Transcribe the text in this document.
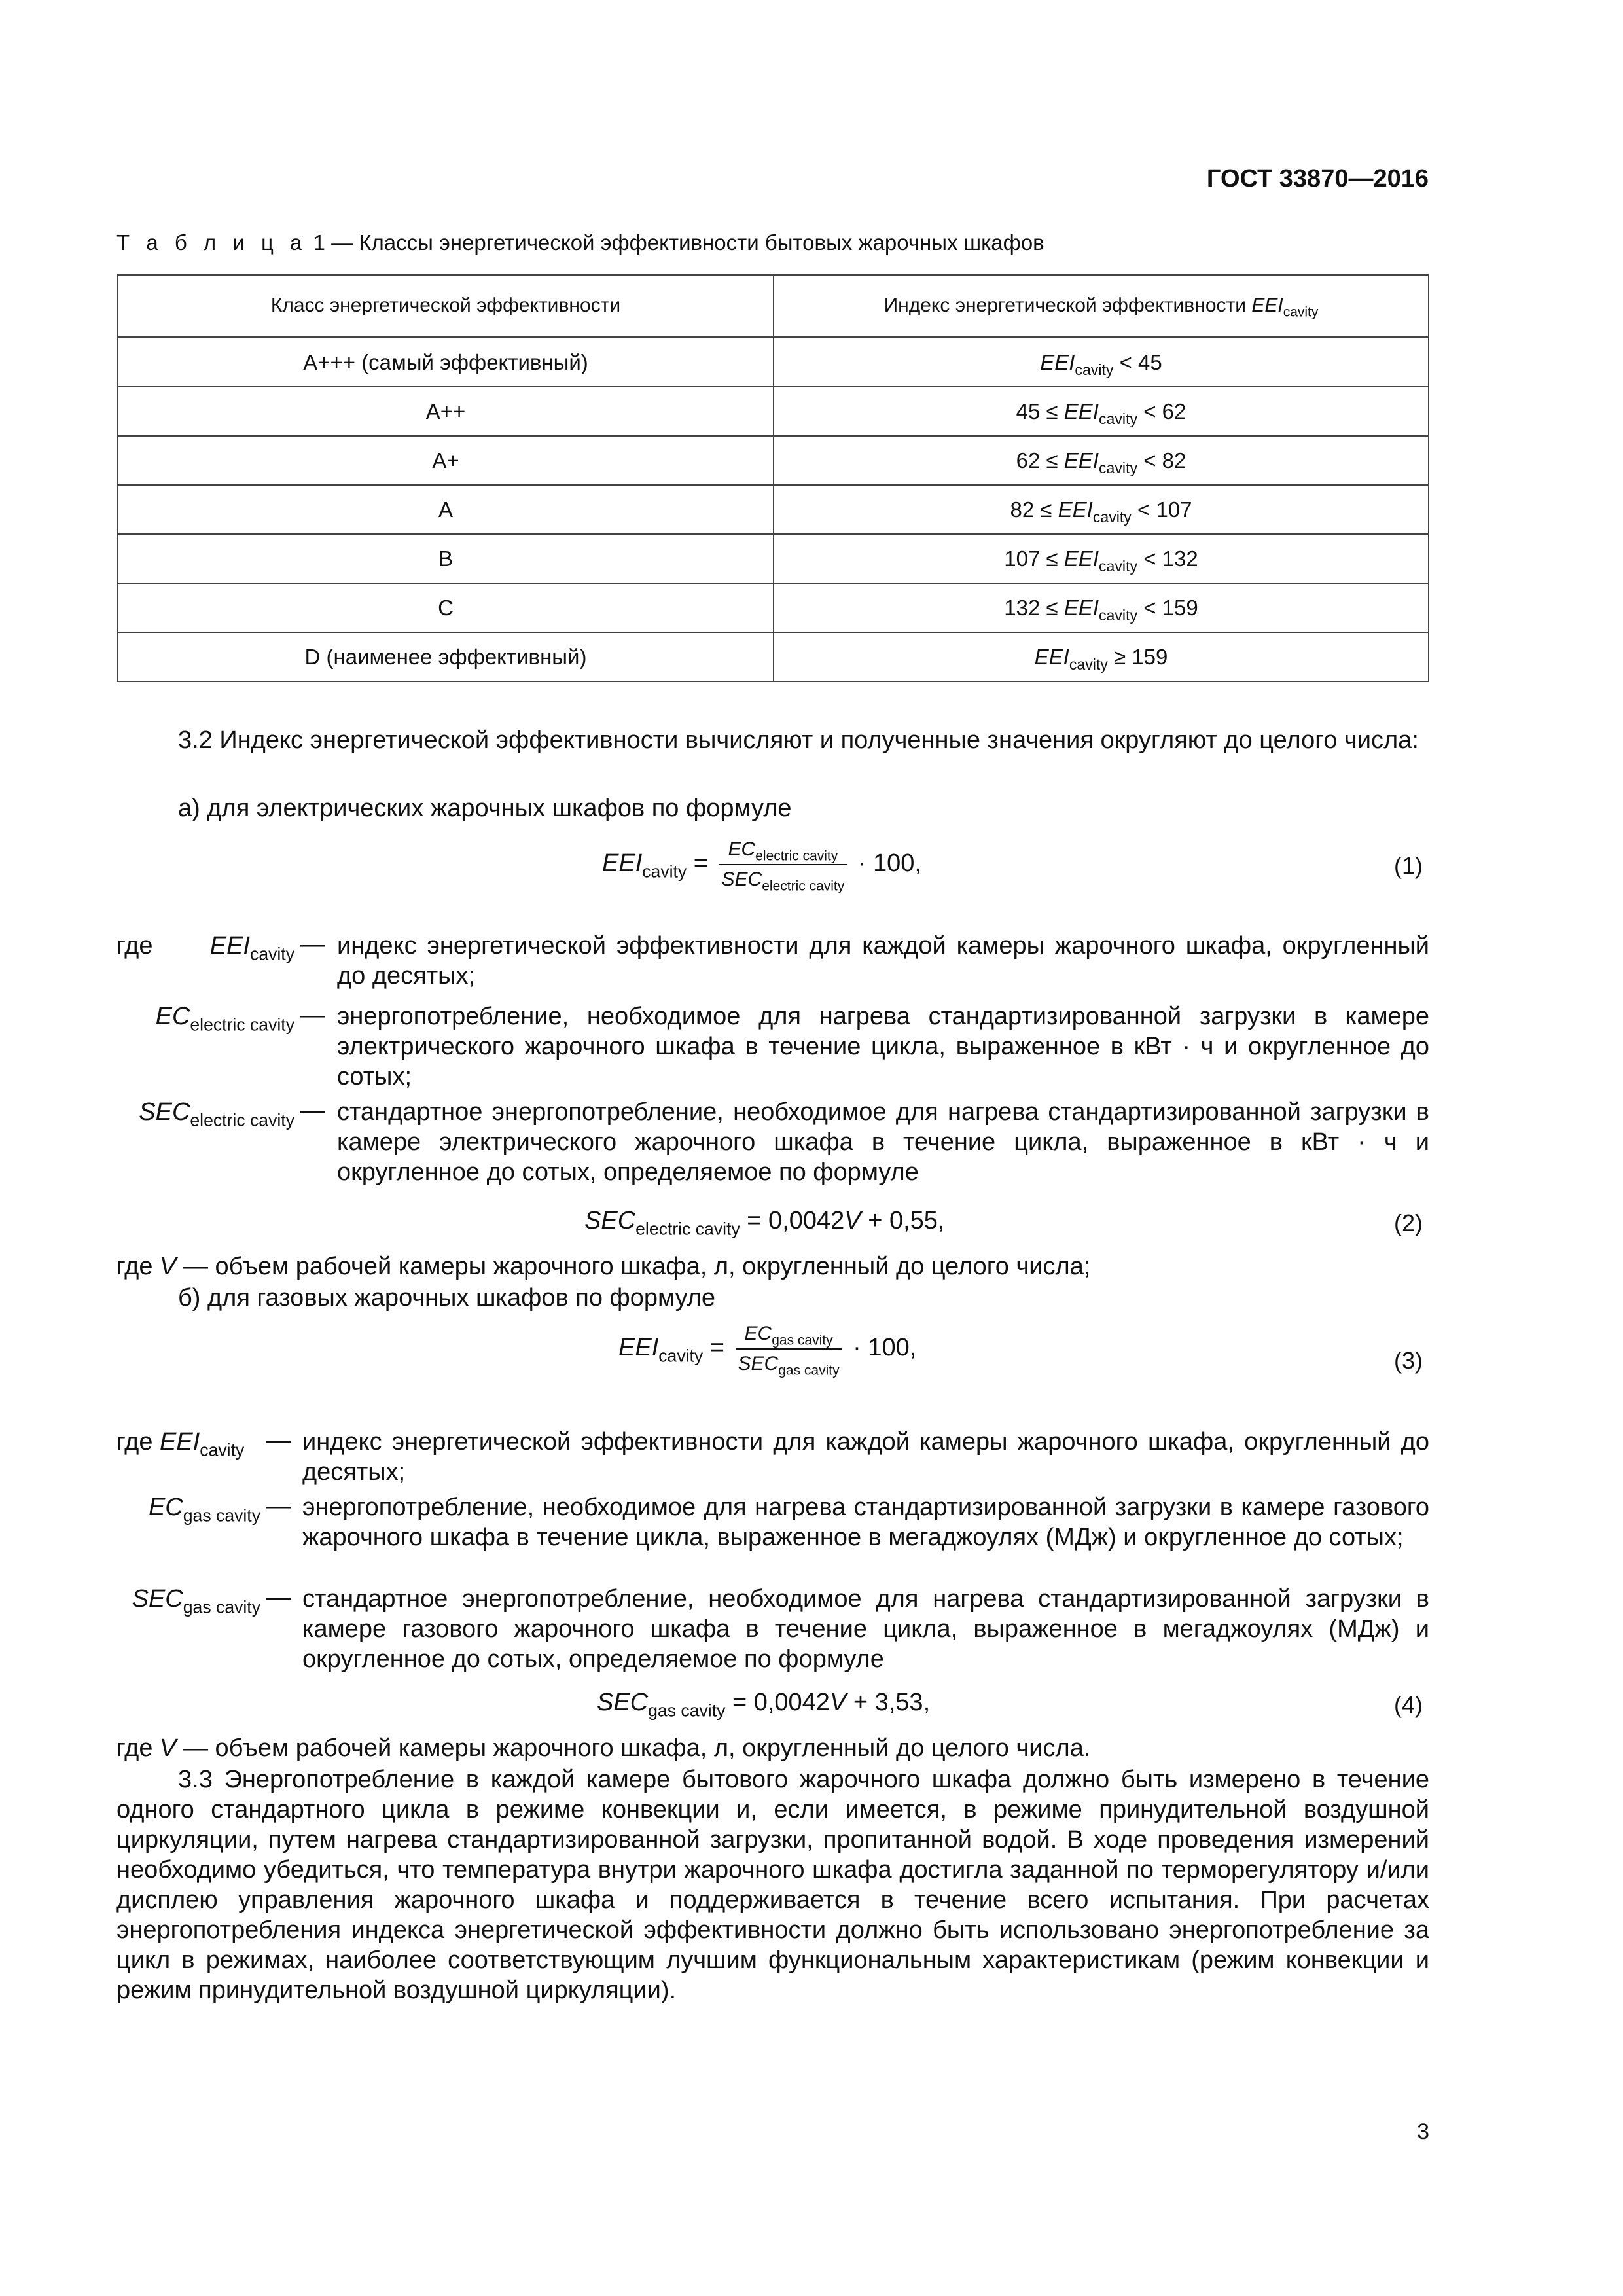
ГОСТ 33870—2016
Т а б л и ц а 1 — Классы энергетической эффективности бытовых жарочных шкафов
Класс энергетической эффективности	Индекс энергетической эффективности $EEI_{cavity}$
А+++ (самый эффективный)	$EEI_{cavity} < 45$
А++	$45 \le EEI_{cavity} < 62$
А+	$62 \le EEI_{cavity} < 82$
А	$82 \le EEI_{cavity} < 107$
В	$107 \le EEI_{cavity} < 132$
С	$132 \le EEI_{cavity} < 159$
D (наименее эффективный)	$EEI_{cavity} \ge 159$
3.2 Индекс энергетической эффективности вычисляют и полученные значения округляют до целого числа:
а) для электрических жарочных шкафов по формуле
$EEI_{cavity} = \frac{EC_{electric cavity}}{SEC_{electric cavity}} \cdot 100$,	(1)
где	$EEI_{cavity}$ — индекс энергетической эффективности для каждой камеры жарочного шкафа, округленный до десятых;
$EC_{electric cavity}$ — энергопотребление, необходимое для нагрева стандартизированной загрузки в камере электрического жарочного шкафа в течение цикла, выраженное в кВт · ч и округленное до сотых;
$SEC_{electric cavity}$ — стандартное энергопотребление, необходимое для нагрева стандартизированной загрузки в камере электрического жарочного шкафа в течение цикла, выраженное в кВт · ч и округленное до сотых, определяемое по формуле
$SEC_{electric cavity} = 0,0042V + 0,55$,	(2)
где V — объем рабочей камеры жарочного шкафа, л, округленный до целого числа;
б) для газовых жарочных шкафов по формуле
$EEI_{cavity} = \frac{EC_{gas cavity}}{SEC_{gas cavity}} \cdot 100$,	(3)
где $EEI_{cavity}$ — индекс энергетической эффективности для каждой камеры жарочного шкафа, округленный до десятых;
$EC_{gas cavity}$ — энергопотребление, необходимое для нагрева стандартизированной загрузки в камере газового жарочного шкафа в течение цикла, выраженное в мегаджоулях (МДж) и округленное до сотых;
$SEC_{gas cavity}$ — стандартное энергопотребление, необходимое для нагрева стандартизированной загрузки в камере газового жарочного шкафа в течение цикла, выраженное в мегаджоулях (МДж) и округленное до сотых, определяемое по формуле
$SEC_{gas cavity} = 0,0042V + 3,53$,	(4)
где V — объем рабочей камеры жарочного шкафа, л, округленный до целого числа.
3.3 Энергопотребление в каждой камере бытового жарочного шкафа должно быть измерено в течение одного стандартного цикла в режиме конвекции и, если имеется, в режиме принудительной воздушной циркуляции, путем нагрева стандартизированной загрузки, пропитанной водой. В ходе проведения измерений необходимо убедиться, что температура внутри жарочного шкафа достигла заданной по терморегулятору и/или дисплею управления жарочного шкафа и поддерживается в течение всего испытания. При расчетах энергопотребления индекса энергетической эффективности должно быть использовано энергопотребление за цикл в режимах, наиболее соответствующим лучшим функциональным характеристикам (режим конвекции и режим принудительной воздушной циркуляции).
3
